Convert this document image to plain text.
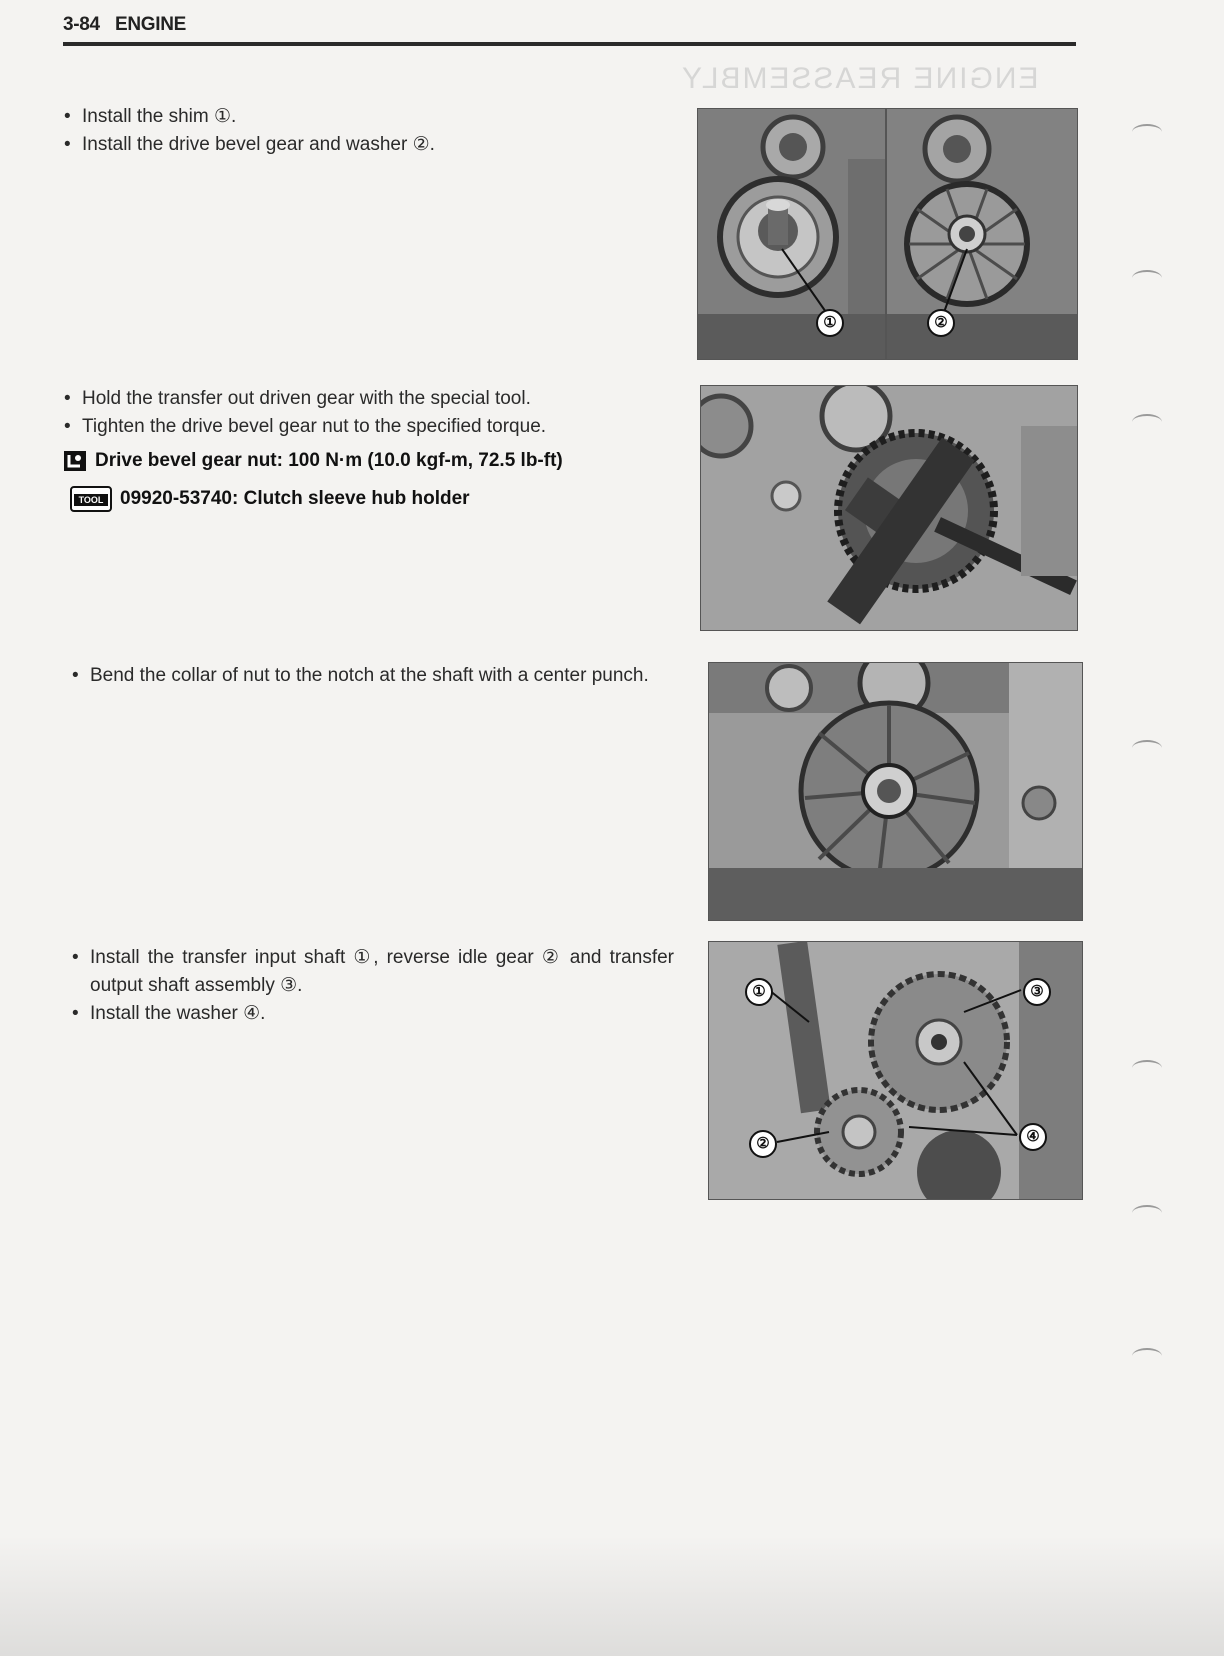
3-84 ENGINE
ENGINE REASSEMBLY
• Install the shim ①.
• Install the drive bevel gear and washer ②.
①	②
• Hold the transfer out driven gear with the special tool.
• Tighten the drive bevel gear nut to the specified torque.
Drive bevel gear nut: 100 N·m (10.0 kgf-m, 72.5 lb-ft)
TOOL 09920-53740: Clutch sleeve hub holder
• Bend the collar of nut to the notch at the shaft with a center punch.
• Install the transfer input shaft ①, reverse idle gear ② and transfer output shaft assembly ③.
• Install the washer ④.
①	③
②	④
